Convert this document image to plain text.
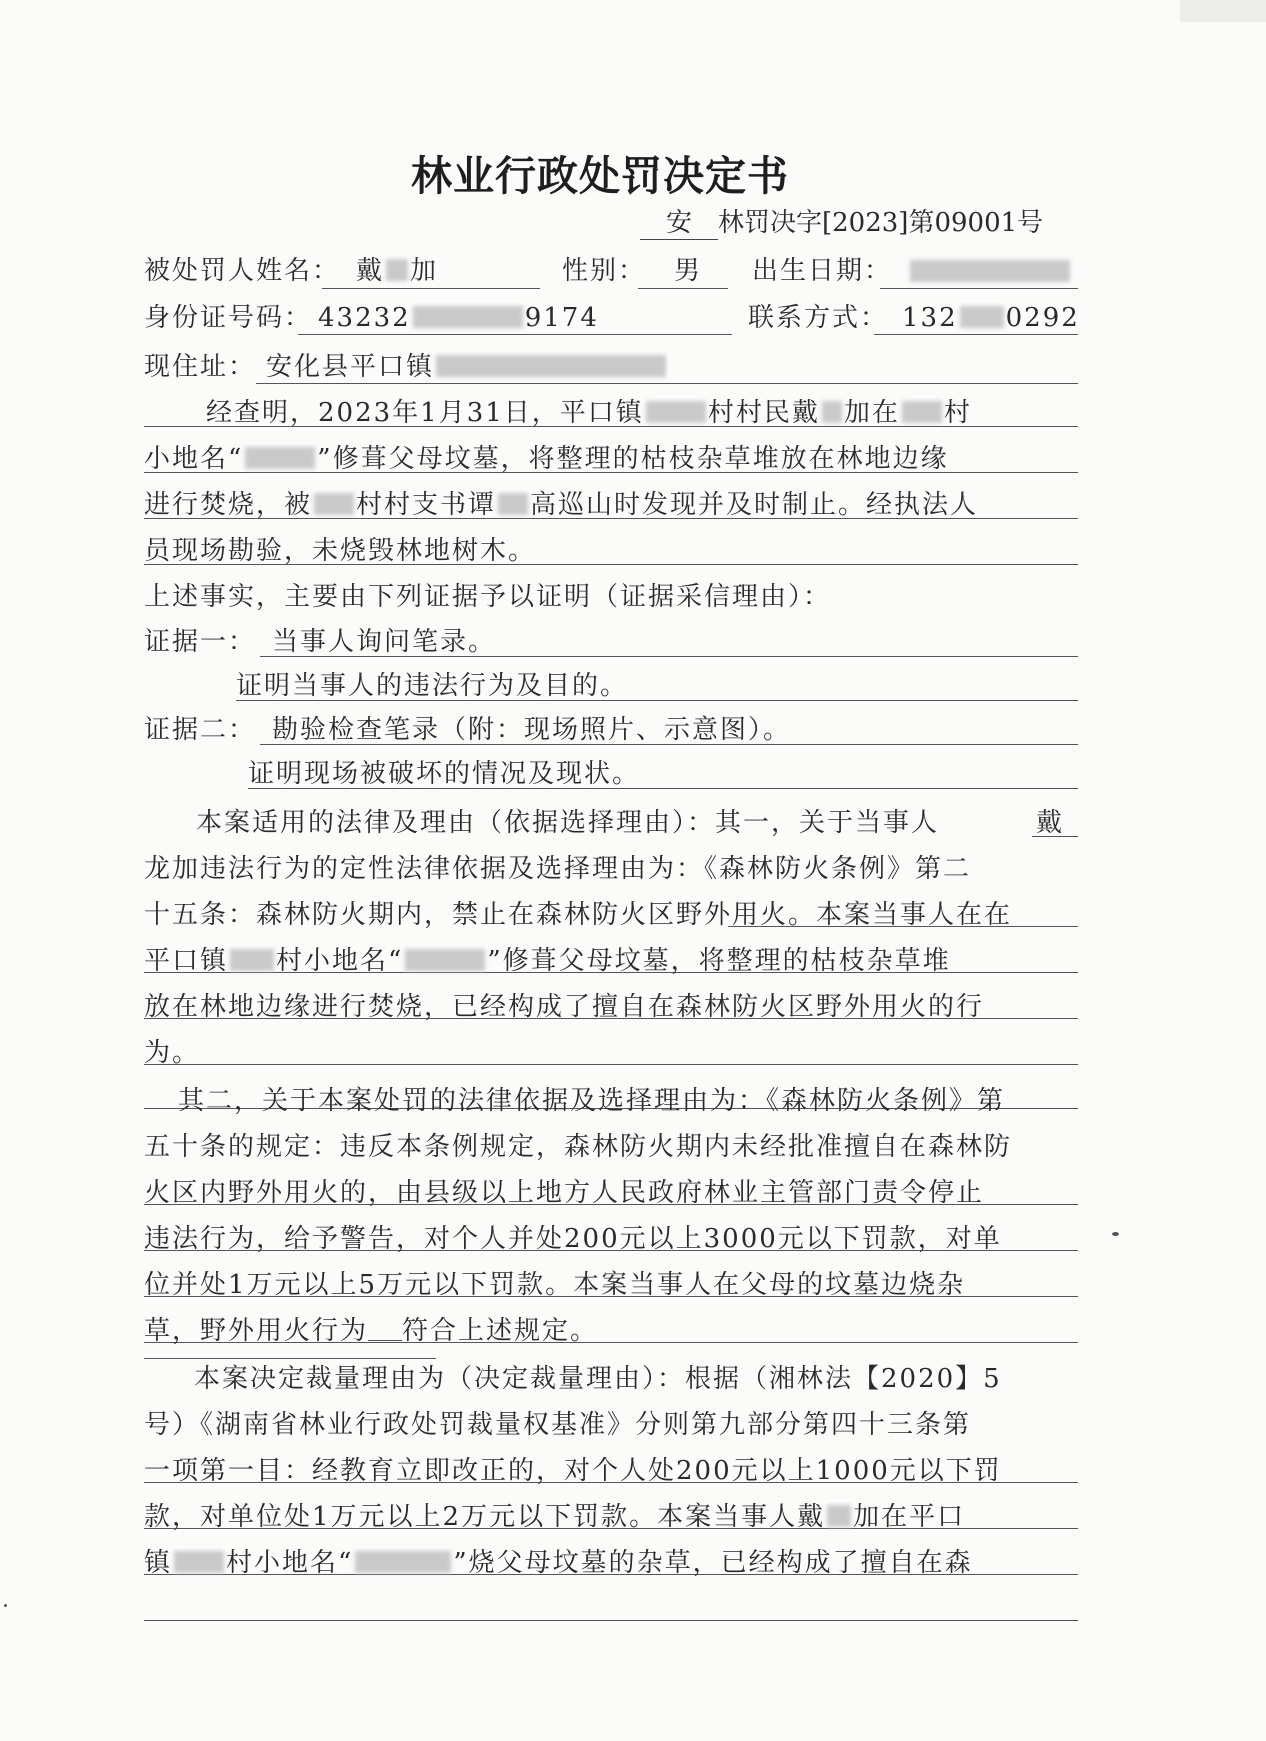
林业行政处罚决定书
安 林罚决字[2023]第09001号
被处罚人姓名： 戴 加	性别： 男 出生日期：
身份证号码： 43232	9174	联系方式： 132 0292
现住址： 安化县平口镇
经查明，2023年1月31日，平口镇 村村民戴 加在 村
小地名“	”修葺父母坟墓，将整理的枯枝杂草堆放在林地边缘
进行焚烧，被 村村支书谭 高巡山时发现并及时制止。经执法人
员现场勘验，未烧毁林地树木。
上述事实，主要由下列证据予以证明（证据采信理由）：
证据一： 当事人询问笔录。
证明当事人的违法行为及目的。
证据二： 勘验检查笔录（附：现场照片、示意图）。
证明现场被破坏的情况及现状。
本案适用的法律及理由（依据选择理由）：其一，关于当事人	戴
龙加违法行为的定性法律依据及选择理由为：《森林防火条例》第二
十五条：森林防火期内，禁止在森林防火区野外用火。本案当事人在在
平口镇 村小地名“	”修葺父母坟墓，将整理的枯枝杂草堆
放在林地边缘进行焚烧，已经构成了擅自在森林防火区野外用火的行
为。
其二，关于本案处罚的法律依据及选择理由为：《森林防火条例》第
五十条的规定：违反本条例规定，森林防火期内未经批准擅自在森林防
火区内野外用火的，由县级以上地方人民政府林业主管部门责令停止
违法行为，给予警告，对个人并处200元以上3000元以下罚款，对单
位并处1万元以上5万元以下罚款。本案当事人在父母的坟墓边烧杂
草，野外用火行为 符合上述规定。
本案决定裁量理由为（决定裁量理由）：根据（湘林法【2020】5
号）《湖南省林业行政处罚裁量权基准》分则第九部分第四十三条第
一项第一目：经教育立即改正的，对个人处200元以上1000元以下罚
款，对单位处1万元以上2万元以下罚款。本案当事人戴 加在平口
镇 村小地名“	”烧父母坟墓的杂草，已经构成了擅自在森
